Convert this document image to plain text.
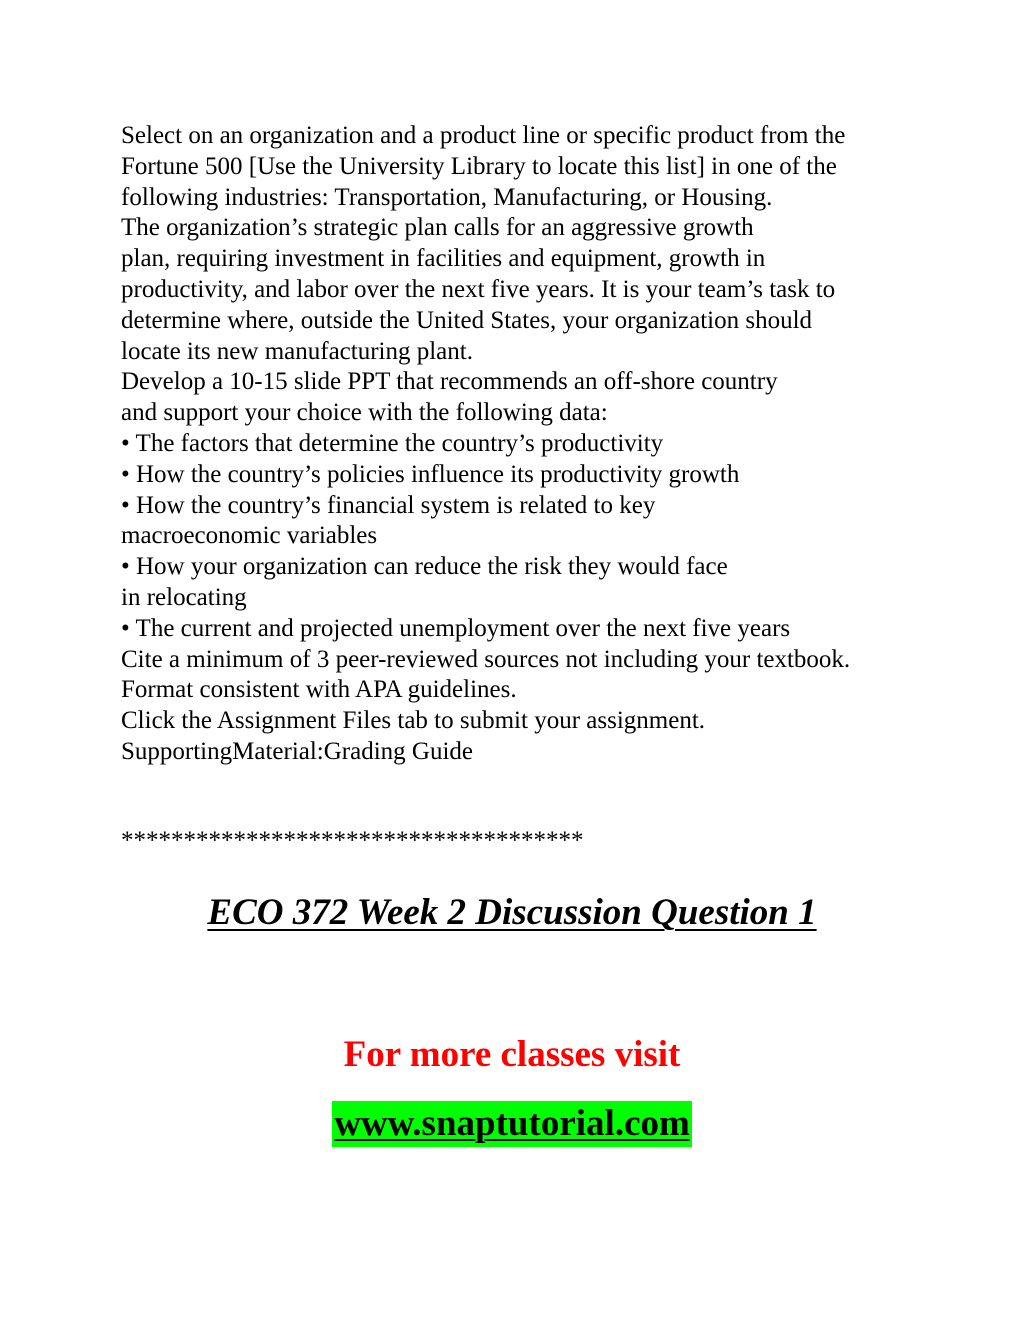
Select on an organization and a product line or specific product from the
Fortune 500 [Use the University Library to locate this list] in one of the
following industries: Transportation, Manufacturing, or Housing.
The organization’s strategic plan calls for an aggressive growth
plan, requiring investment in facilities and equipment, growth in
productivity, and labor over the next five years. It is your team’s task to
determine where, outside the United States, your organization should
locate its new manufacturing plant.
Develop a 10-15 slide PPT that recommends an off-shore country
and support your choice with the following data:
• The factors that determine the country’s productivity
• How the country’s policies influence its productivity growth
• How the country’s financial system is related to key
macroeconomic variables
• How your organization can reduce the risk they would face
in relocating
• The current and projected unemployment over the next five years
Cite a minimum of 3 peer-reviewed sources not including your textbook.
Format consistent with APA guidelines.
Click the Assignment Files tab to submit your assignment.
SupportingMaterial:Grading Guide
*************************************
ECO 372 Week 2 Discussion Question 1
For more classes visit
www.snaptutorial.com
